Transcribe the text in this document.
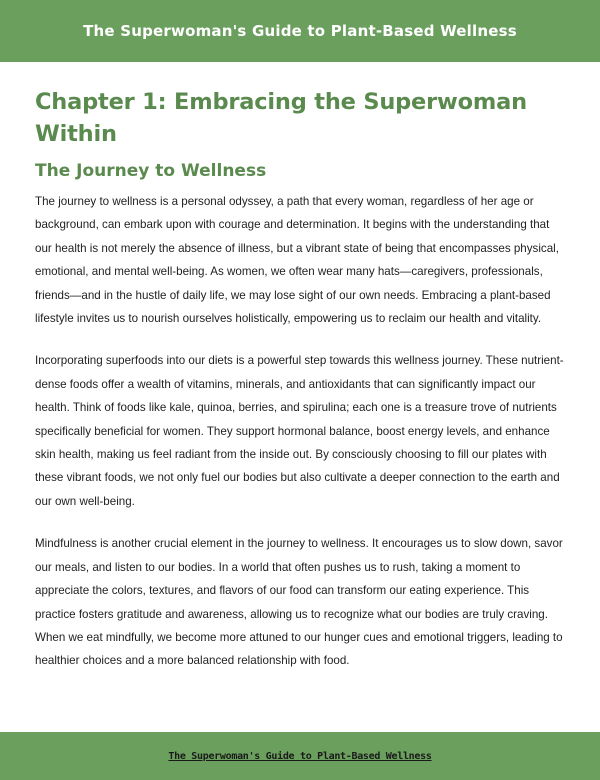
The Superwoman's Guide to Plant-Based Wellness
Chapter 1: Embracing the Superwoman Within
The Journey to Wellness

The journey to wellness is a personal odyssey, a path that every woman, regardless of her age or background, can embark upon with courage and determination. It begins with the understanding that our health is not merely the absence of illness, but a vibrant state of being that encompasses physical, emotional, and mental well-being. As women, we often wear many hats—caregivers, professionals, friends—and in the hustle of daily life, we may lose sight of our own needs. Embracing a plant-based lifestyle invites us to nourish ourselves holistically, empowering us to reclaim our health and vitality.

Incorporating superfoods into our diets is a powerful step towards this wellness journey. These nutrient-dense foods offer a wealth of vitamins, minerals, and antioxidants that can significantly impact our health. Think of foods like kale, quinoa, berries, and spirulina; each one is a treasure trove of nutrients specifically beneficial for women. They support hormonal balance, boost energy levels, and enhance skin health, making us feel radiant from the inside out. By consciously choosing to fill our plates with these vibrant foods, we not only fuel our bodies but also cultivate a deeper connection to the earth and our own well-being.

Mindfulness is another crucial element in the journey to wellness. It encourages us to slow down, savor our meals, and listen to our bodies. In a world that often pushes us to rush, taking a moment to appreciate the colors, textures, and flavors of our food can transform our eating experience. This practice fosters gratitude and awareness, allowing us to recognize what our bodies are truly craving. When we eat mindfully, we become more attuned to our hunger cues and emotional triggers, leading to healthier choices and a more balanced relationship with food.

The Superwoman's Guide to Plant-Based Wellness
